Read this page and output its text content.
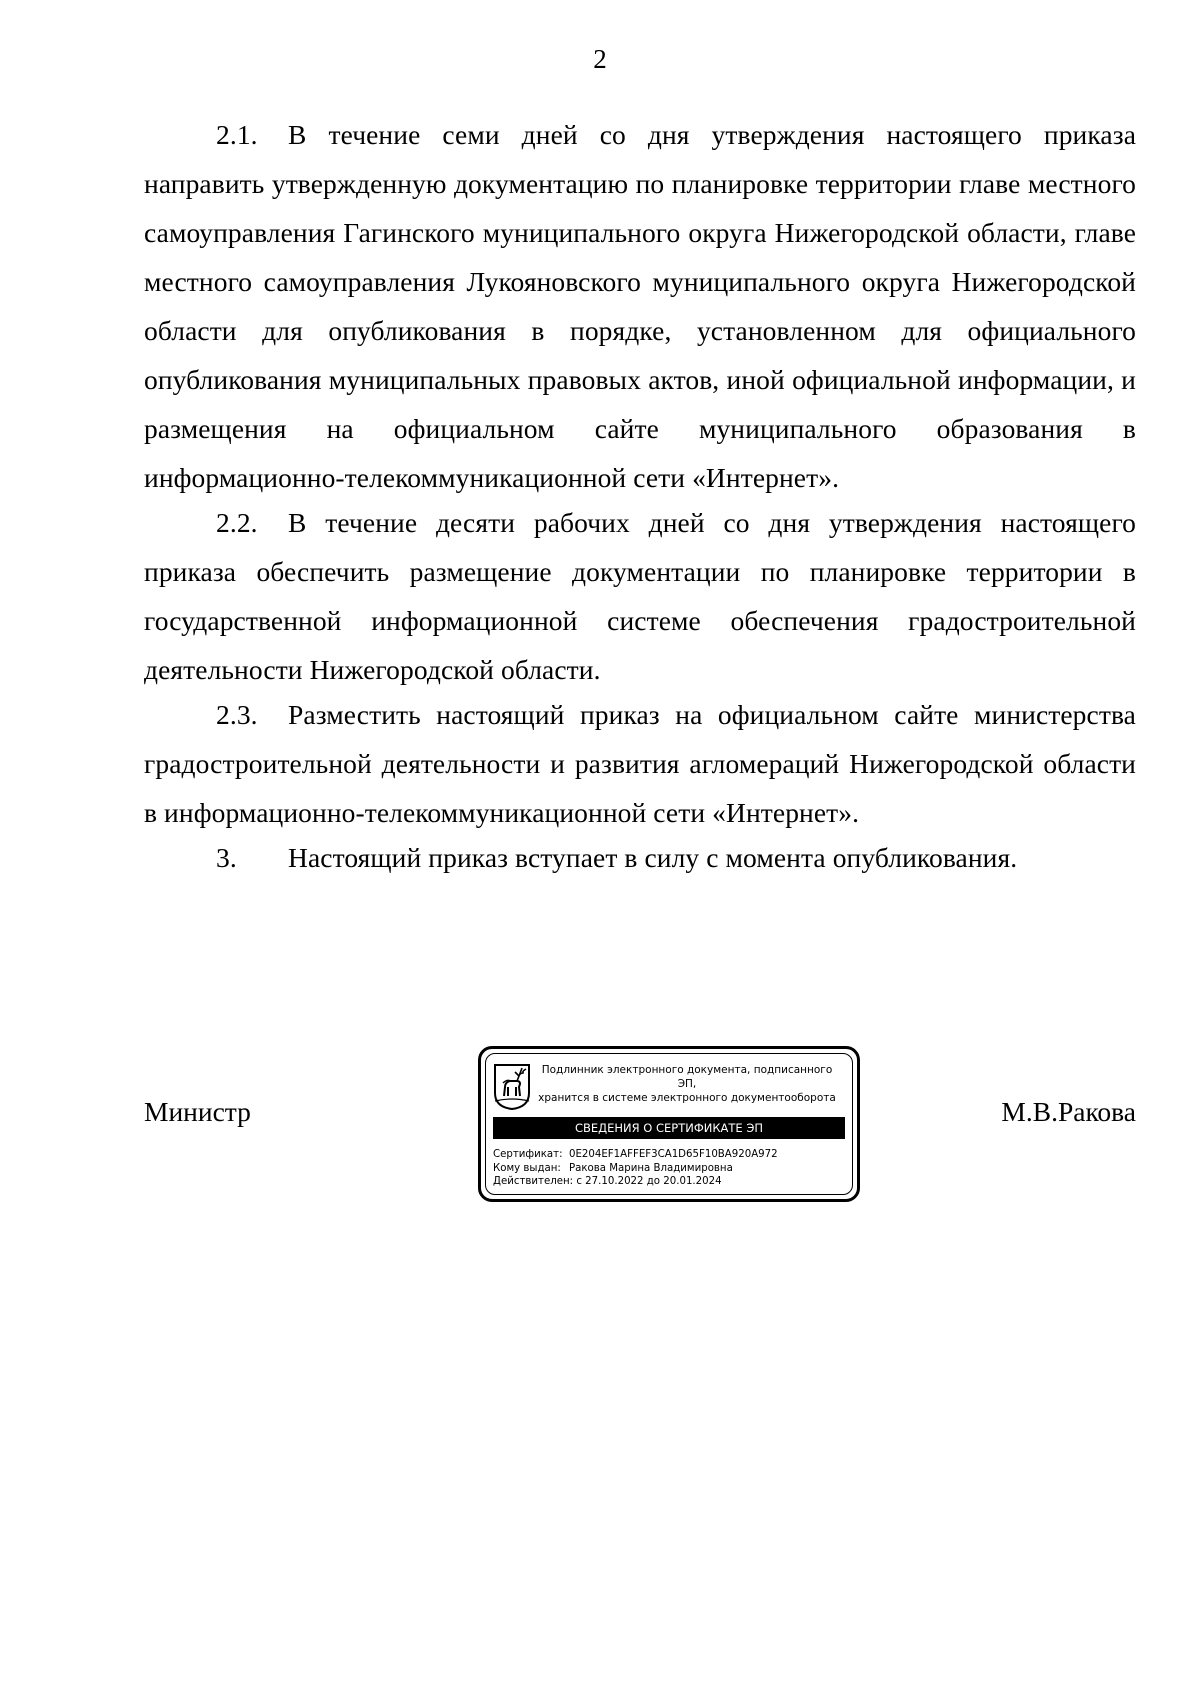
2

2.1. В течение семи дней со дня утверждения настоящего приказа направить утвержденную документацию по планировке территории главе местного самоуправления Гагинского муниципального округа Нижегородской области, главе местного самоуправления Лукояновского муниципального округа Нижегородской области для опубликования в порядке, установленном для официального опубликования муниципальных правовых актов, иной официальной информации, и размещения на официальном сайте муниципального образования в информационно-телекоммуникационной сети «Интернет».

2.2. В течение десяти рабочих дней со дня утверждения настоящего приказа обеспечить размещение документации по планировке территории в государственной информационной системе обеспечения градостроительной деятельности Нижегородской области.

2.3. Разместить настоящий приказ на официальном сайте министерства градостроительной деятельности и развития агломераций Нижегородской области в информационно-телекоммуникационной сети «Интернет».

3. Настоящий приказ вступает в силу с момента опубликования.

Министр
Подлинник электронного документа, подписанного ЭП,
хранится в системе электронного документооборота
СВЕДЕНИЯ О СЕРТИФИКАТЕ ЭП
Сертификат: 0E204EF1AFFEF3CA1D65F10BA920A972
Кому выдан: Ракова Марина Владимировна
Действителен: с 27.10.2022 до 20.01.2024
М.В.Ракова
